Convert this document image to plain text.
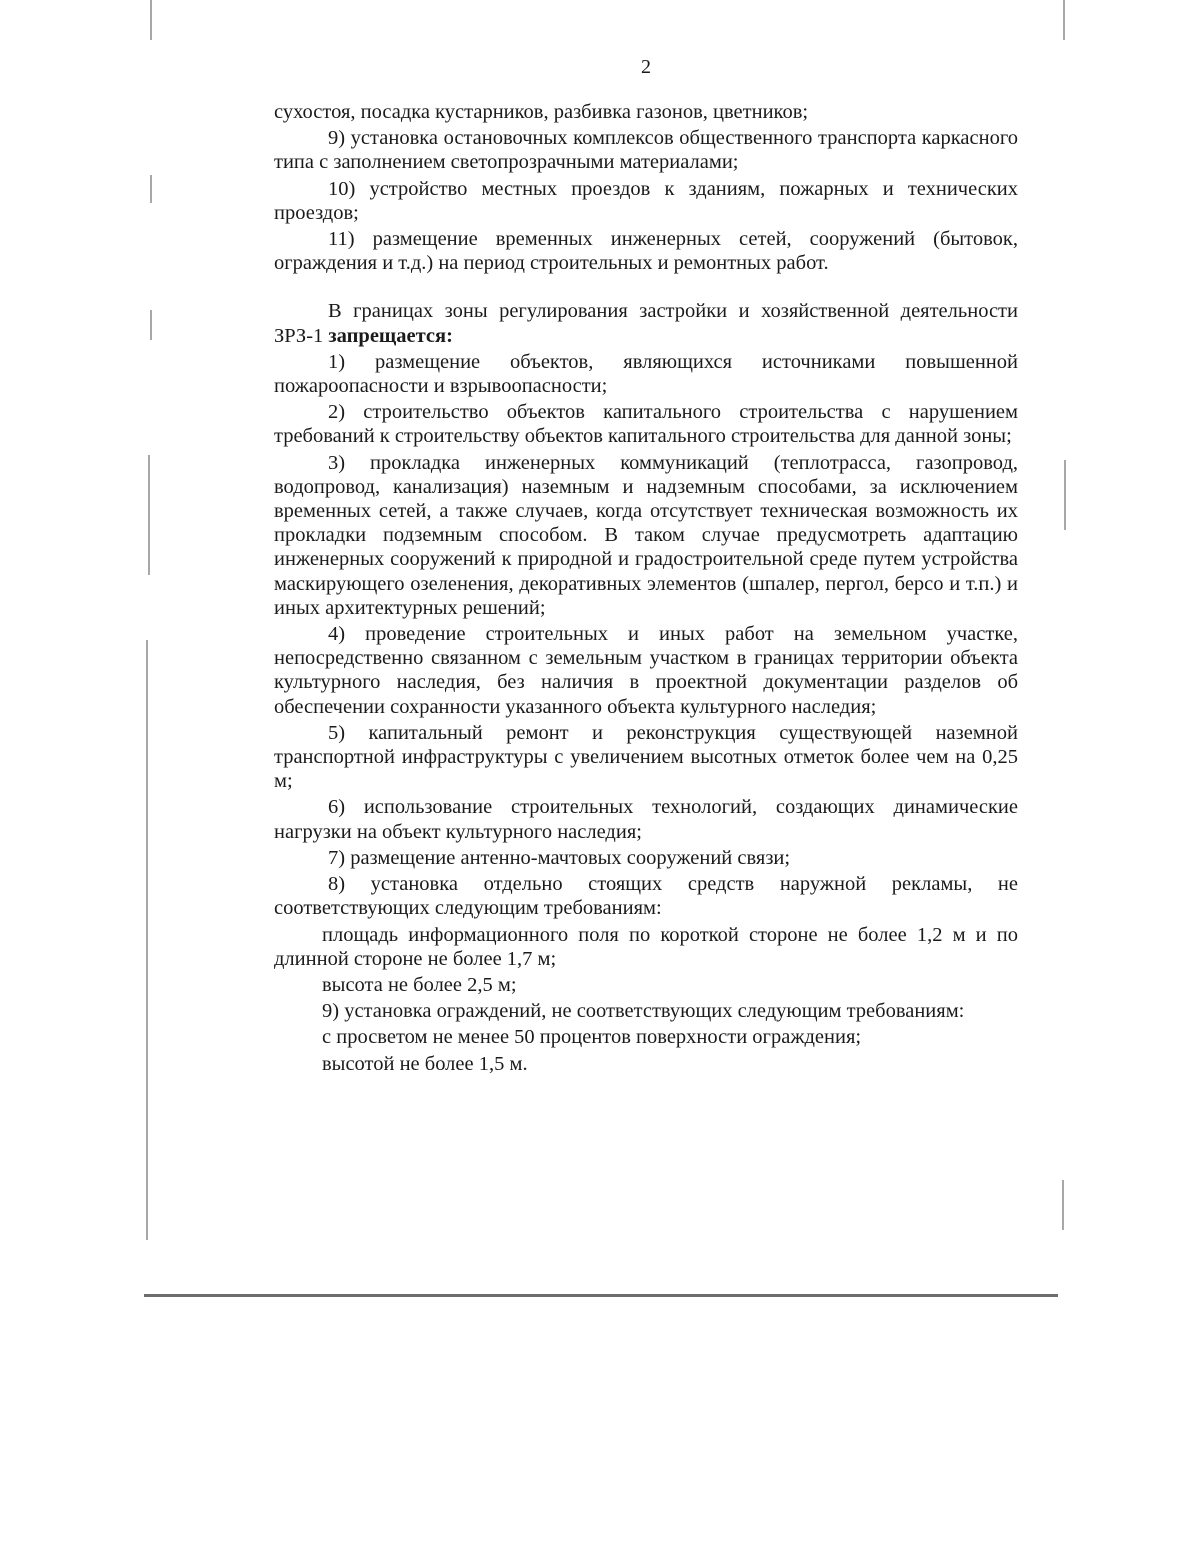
2

сухостоя, посадка кустарников, разбивка газонов, цветников;

9) установка остановочных комплексов общественного транспорта каркасного типа с заполнением светопрозрачными материалами;

10) устройство местных проездов к зданиям, пожарных и технических проездов;

11) размещение временных инженерных сетей, сооружений (бытовок, ограждения и т.д.) на период строительных и ремонтных работ.

В границах зоны регулирования застройки и хозяйственной деятельности ЗРЗ-1 запрещается:

1) размещение объектов, являющихся источниками повышенной пожароопасности и взрывоопасности;

2) строительство объектов капитального строительства с нарушением требований к строительству объектов капитального строительства для данной зоны;

3) прокладка инженерных коммуникаций (теплотрасса, газопровод, водопровод, канализация) наземным и надземным способами, за исключением временных сетей, а также случаев, когда отсутствует техническая возможность их прокладки подземным способом. В таком случае предусмотреть адаптацию инженерных сооружений к природной и градостроительной среде путем устройства маскирующего озеленения, декоративных элементов (шпалер, пергол, берсо и т.п.) и иных архитектурных решений;

4) проведение строительных и иных работ на земельном участке, непосредственно связанном с земельным участком в границах территории объекта культурного наследия, без наличия в проектной документации разделов об обеспечении сохранности указанного объекта культурного наследия;

5) капитальный ремонт и реконструкция существующей наземной транспортной инфраструктуры с увеличением высотных отметок более чем на 0,25 м;

6) использование строительных технологий, создающих динамические нагрузки на объект культурного наследия;

7) размещение антенно-мачтовых сооружений связи;

8) установка отдельно стоящих средств наружной рекламы, не соответствующих следующим требованиям:

площадь информационного поля по короткой стороне не более 1,2 м и по длинной стороне не более 1,7 м;

высота не более 2,5 м;

9) установка ограждений, не соответствующих следующим требованиям:

с просветом не менее 50 процентов поверхности ограждения;

высотой не более 1,5 м.
